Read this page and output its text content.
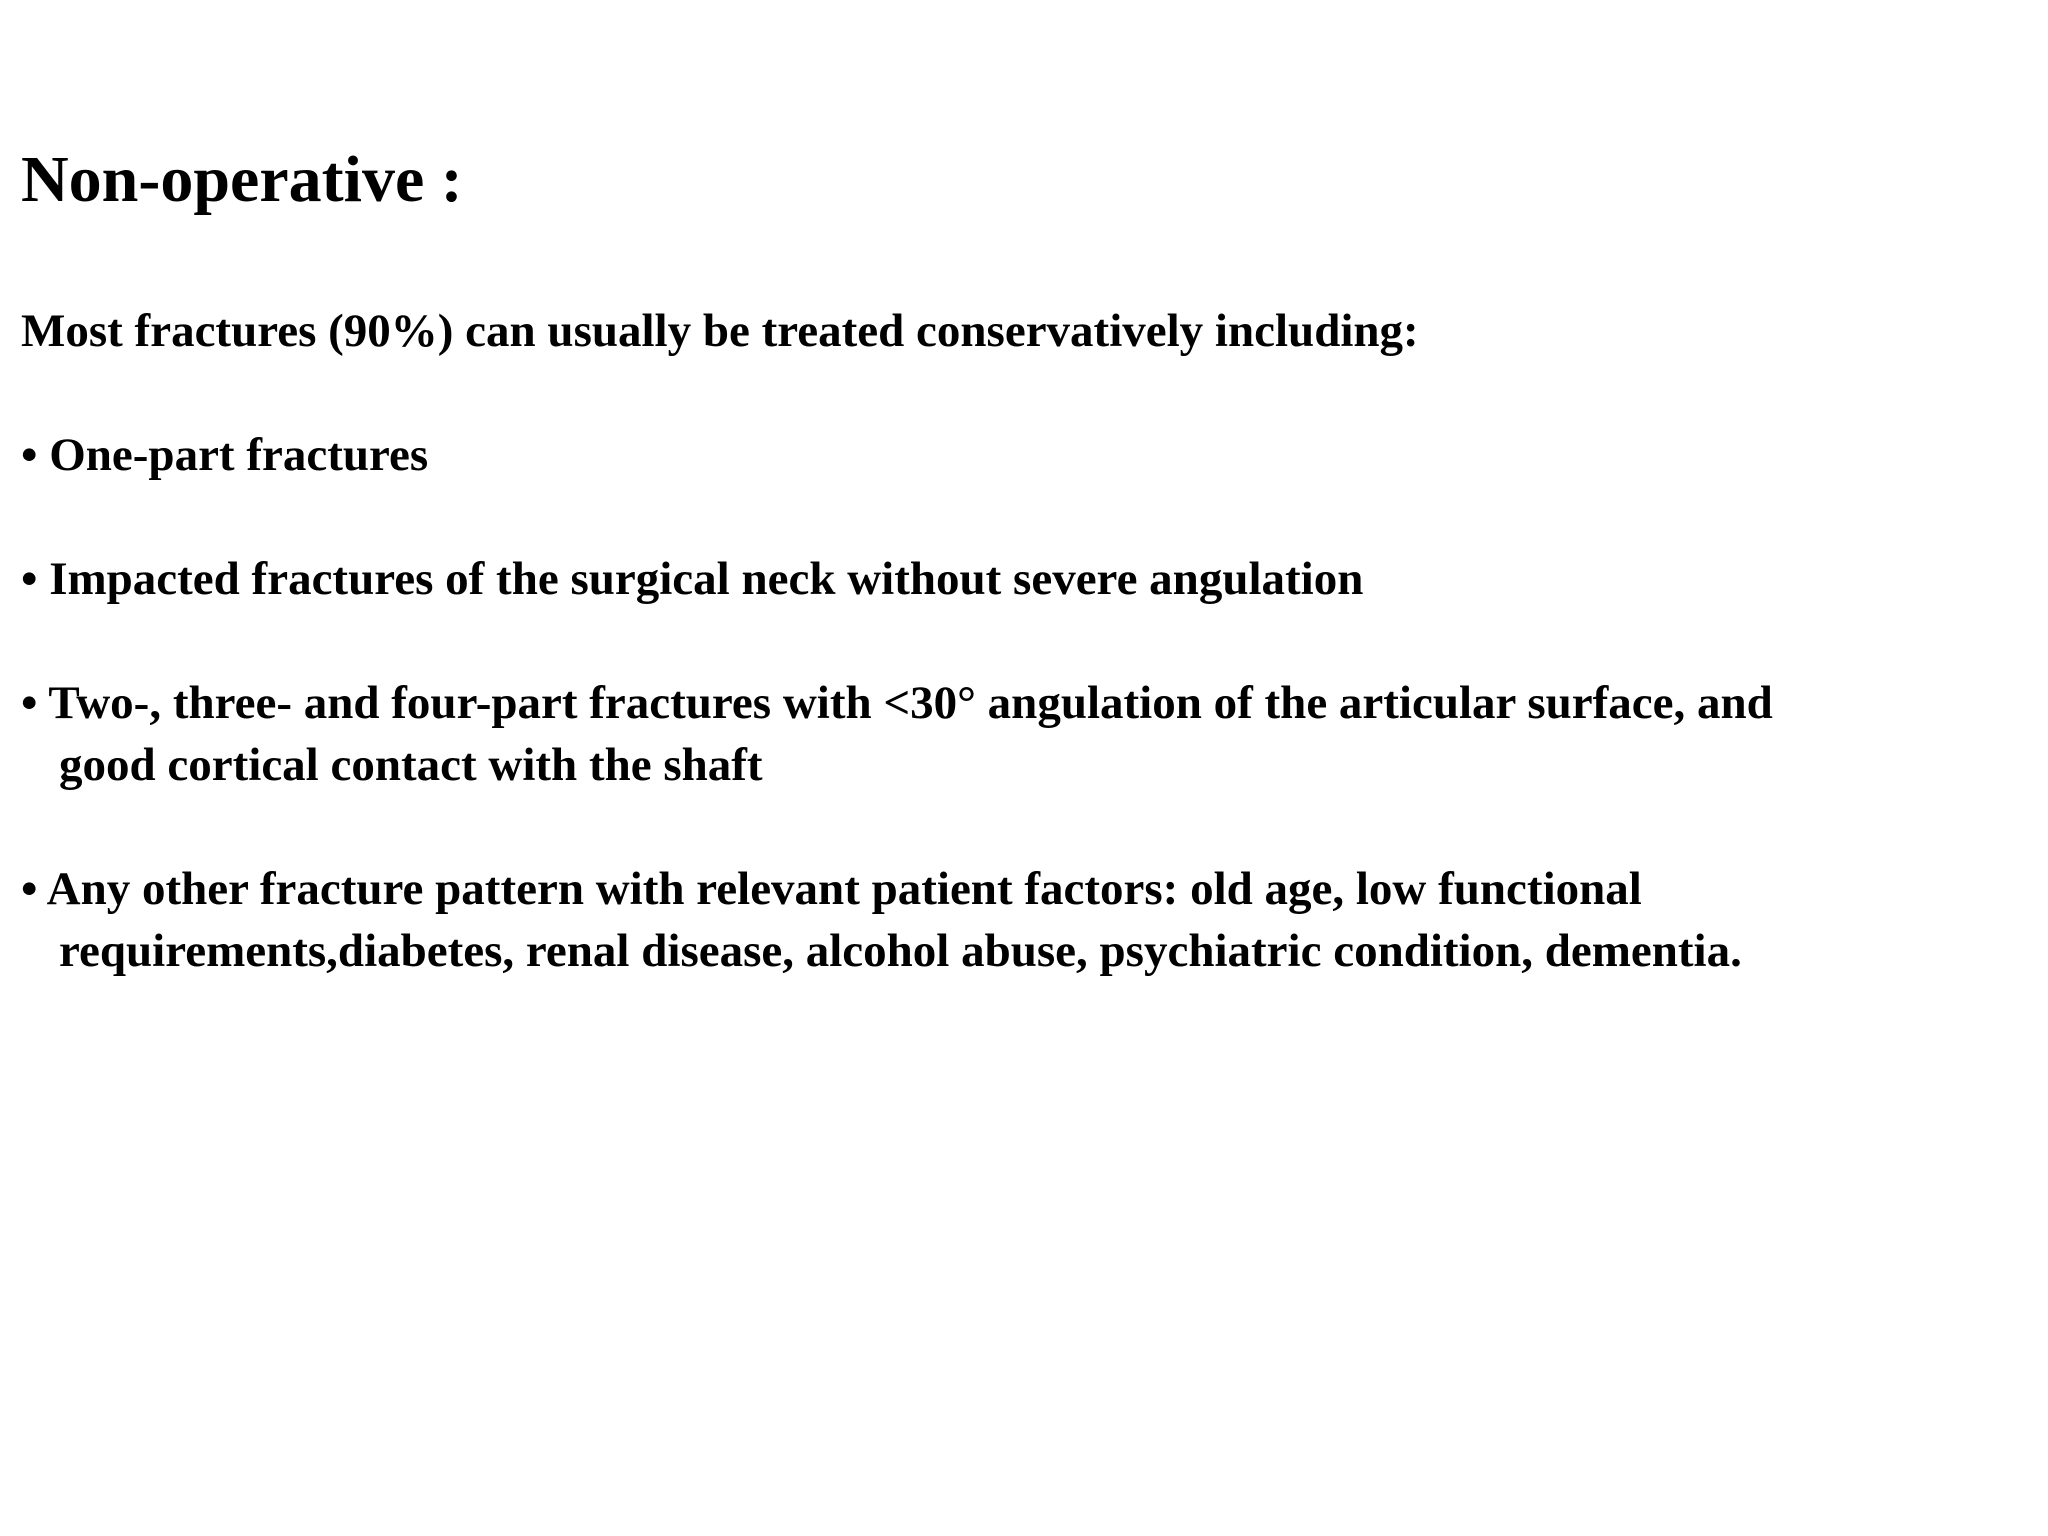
Non-operative :
Most fractures (90%) can usually be treated conservatively including:
• One-part fractures
• Impacted fractures of the surgical neck without severe angulation
• Two-, three- and four-part fractures with <30° angulation of the articular surface, and
good cortical contact with the shaft
• Any other fracture pattern with relevant patient factors: old age, low functional
requirements,diabetes, renal disease, alcohol abuse, psychiatric condition, dementia.
